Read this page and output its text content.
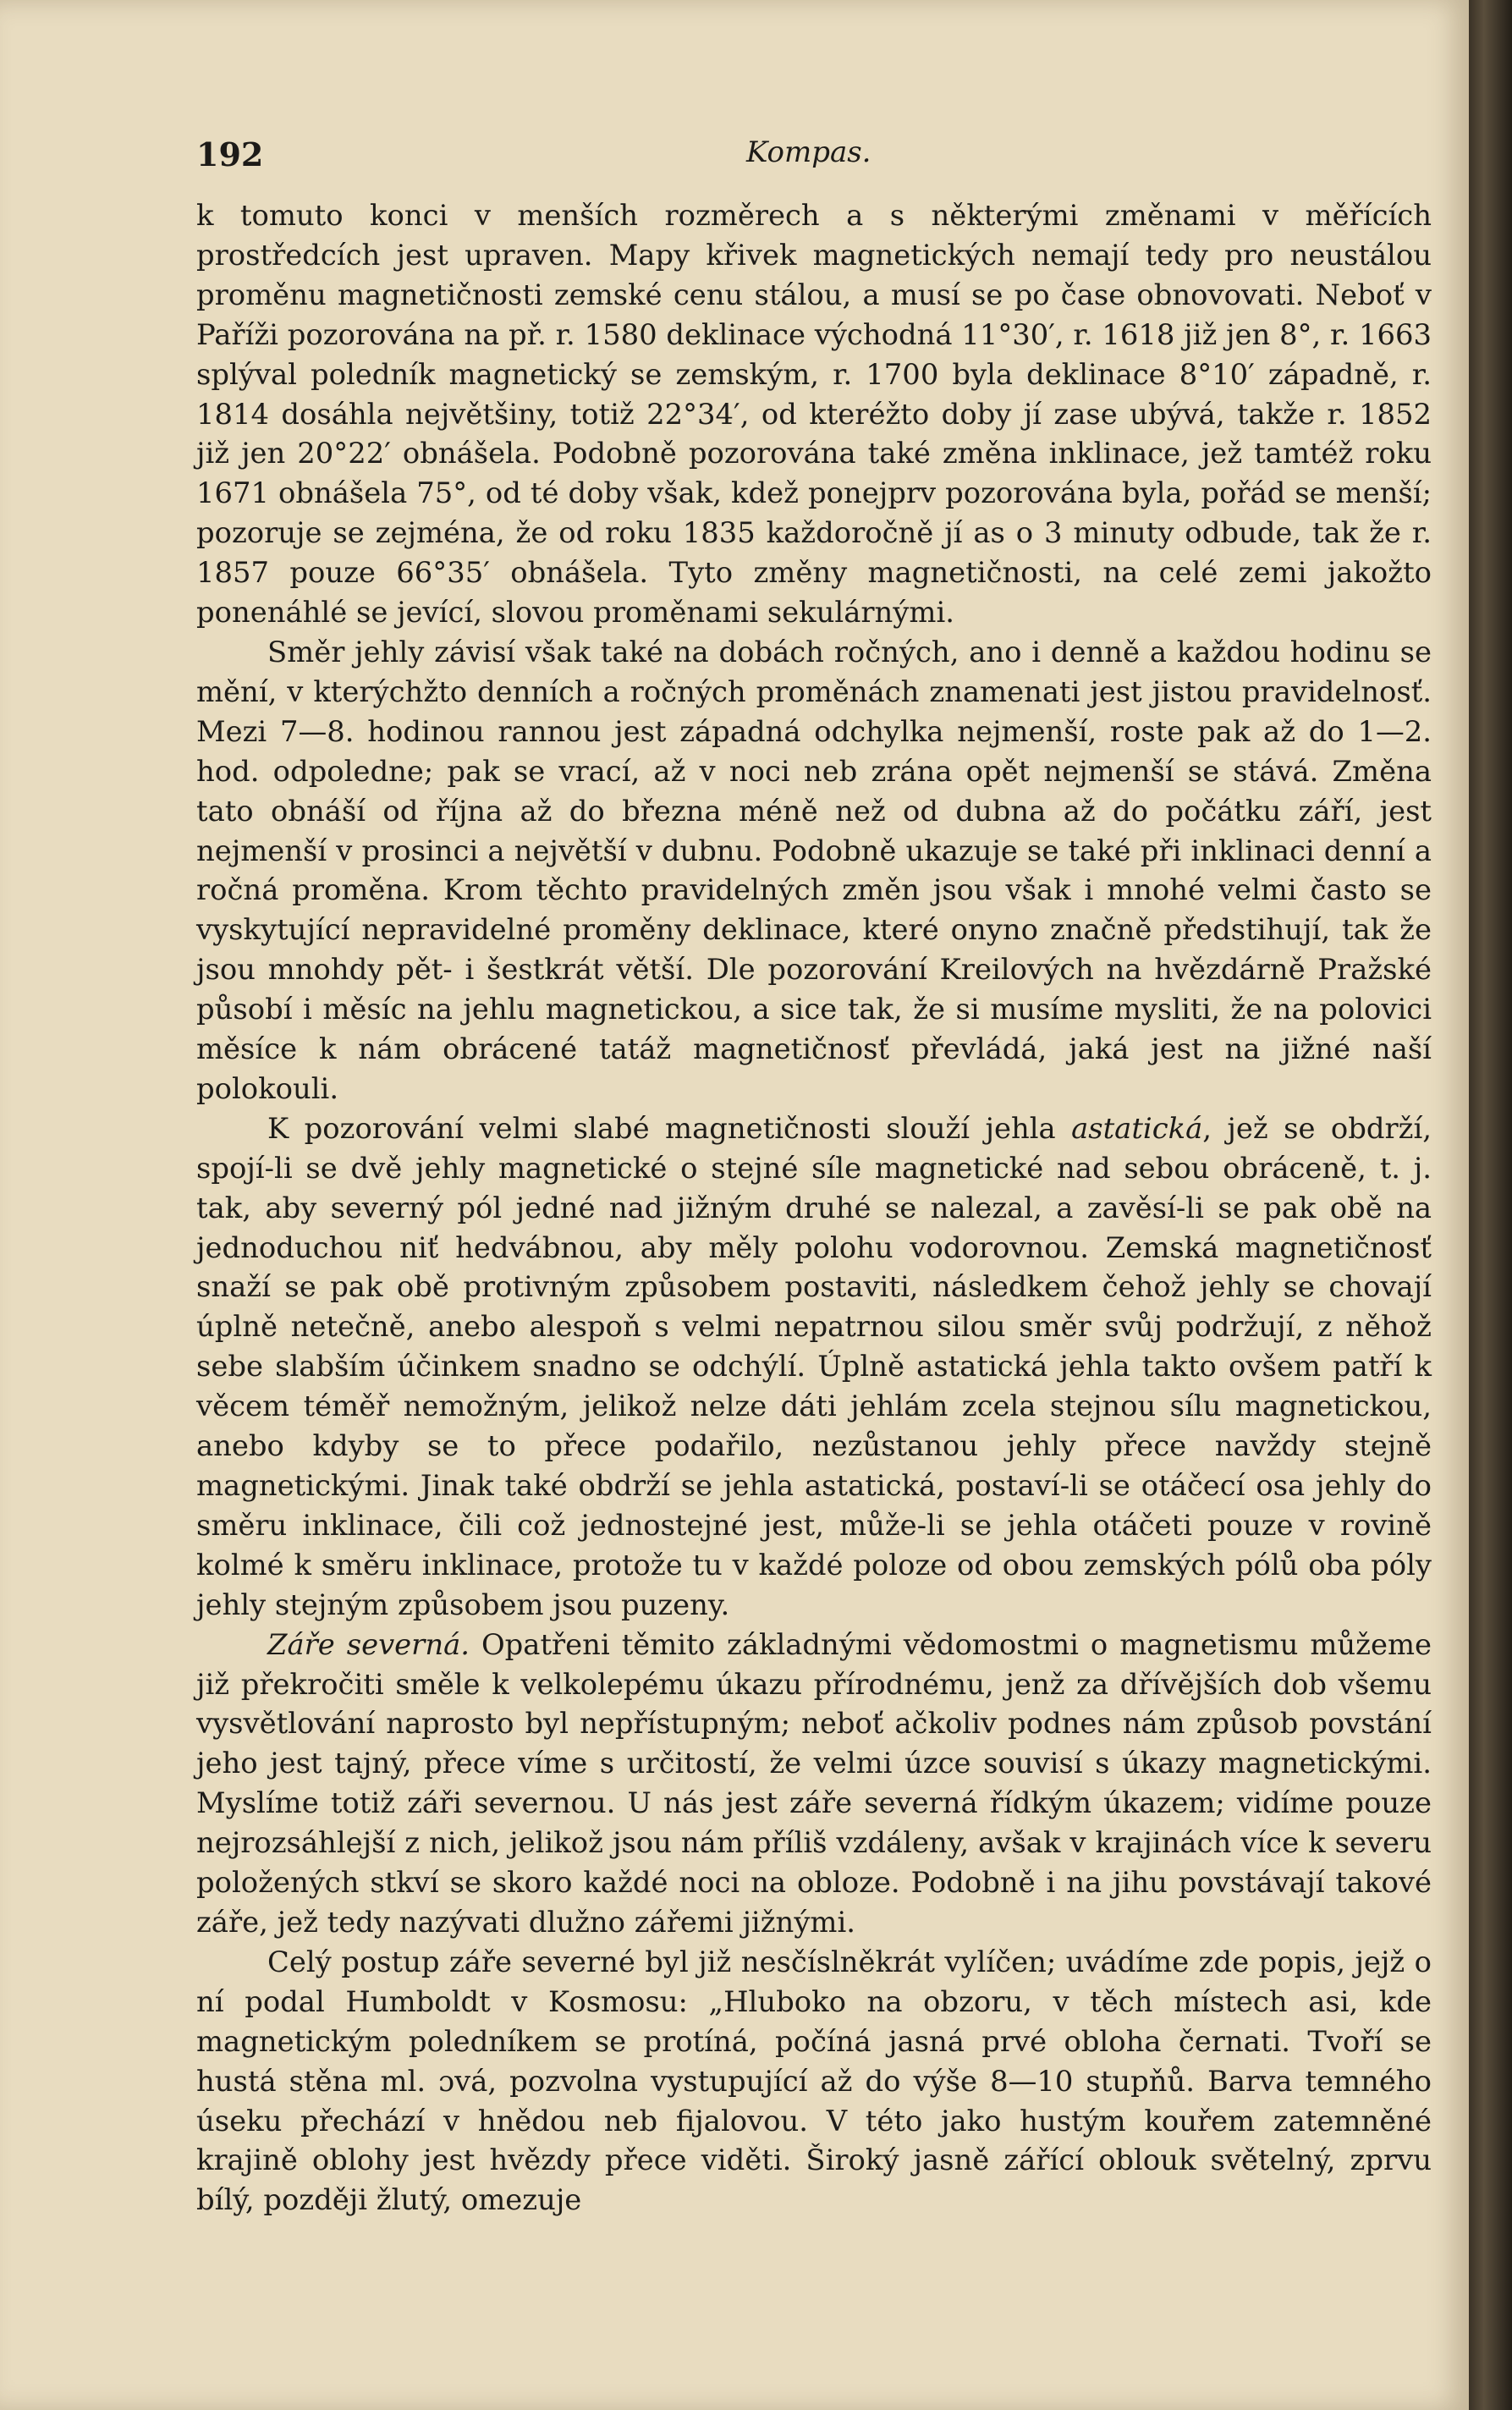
192	Kompas.

k tomuto konci v menších rozměrech a s některými změnami v měřících prostředcích jest upraven. Mapy křivek magnetických nemají tedy pro neustálou proměnu magnetičnosti zemské cenu stálou, a musí se po čase obnovovati. Neboť v Paříži pozorována na př. r. 1580 deklinace východná 11°30′, r. 1618 již jen 8°, r. 1663 splýval poledník magnetický se zemským, r. 1700 byla deklinace 8°10′ západně, r. 1814 dosáhla největšiny, totiž 22°34′, od kteréžto doby jí zase ubývá, takže r. 1852 již jen 20°22′ obnášela. Podobně pozorována také změna inklinace, jež tamtéž roku 1671 obnášela 75°, od té doby však, kdež ponejprv pozorována byla, pořád se menší; pozoruje se zejména, že od roku 1835 každoročně jí as o 3 minuty odbude, tak že r. 1857 pouze 66°35′ obnášela. Tyto změny magnetičnosti, na celé zemi jakožto ponenáhlé se jevící, slovou proměnami sekulárnými.

Směr jehly závisí však také na dobách ročných, ano i denně a každou hodinu se mění, v kterýchžto denních a ročných proměnách znamenati jest jistou pravidelnosť. Mezi 7—8. hodinou rannou jest západná odchylka nejmenší, roste pak až do 1—2. hod. odpoledne; pak se vrací, až v noci neb zrána opět nejmenší se stává. Změna tato obnáší od října až do března méně než od dubna až do počátku září, jest nejmenší v prosinci a největší v dubnu. Podobně ukazuje se také při inklinaci denní a ročná proměna. Krom těchto pravidelných změn jsou však i mnohé velmi často se vyskytující nepravidelné proměny deklinace, které onyno značně předstihují, tak že jsou mnohdy pět- i šestkrát větší. Dle pozorování Kreilových na hvězdárně Pražské působí i měsíc na jehlu magnetickou, a sice tak, že si musíme mysliti, že na polovici měsíce k nám obrácené tatáž magnetičnosť převládá, jaká jest na jižné naší polokouli.

K pozorování velmi slabé magnetičnosti slouží jehla astatická, jež se obdrží, spojí-li se dvě jehly magnetické o stejné síle magnetické nad sebou obráceně, t. j. tak, aby severný pól jedné nad jižným druhé se nalezal, a zavěsí-li se pak obě na jednoduchou niť hedvábnou, aby měly polohu vodorovnou. Zemská magnetičnosť snaží se pak obě protivným způsobem postaviti, následkem čehož jehly se chovají úplně netečně, anebo alespoň s velmi nepatrnou silou směr svůj podržují, z něhož sebe slabším účinkem snadno se odchýlí. Úplně astatická jehla takto ovšem patří k věcem téměř nemožným, jelikož nelze dáti jehlám zcela stejnou sílu magnetickou, anebo kdyby se to přece podařilo, nezůstanou jehly přece navždy stejně magnetickými. Jinak také obdrží se jehla astatická, postaví-li se otáčecí osa jehly do směru inklinace, čili což jednostejné jest, může-li se jehla otáčeti pouze v rovině kolmé k směru inklinace, protože tu v každé poloze od obou zemských pólů oba póly jehly stejným způsobem jsou puzeny.

Záře severná. Opatřeni těmito základnými vědomostmi o magnetismu můžeme již překročiti směle k velkolepému úkazu přírodnému, jenž za dřívějších dob všemu vysvětlování naprosto byl nepřístupným; neboť ačkoliv podnes nám způsob povstání jeho jest tajný, přece víme s určitostí, že velmi úzce souvisí s úkazy magnetickými. Myslíme totiž záři severnou. U nás jest záře severná řídkým úkazem; vidíme pouze nejrozsáhlejší z nich, jelikož jsou nám příliš vzdáleny, avšak v krajinách více k severu položených stkví se skoro každé noci na obloze. Podobně i na jihu povstávají takové záře, jež tedy nazývati dlužno zářemi jižnými.

Celý postup záře severné byl již nesčíslněkrát vylíčen; uvádíme zde popis, jejž o ní podal Humboldt v Kosmosu: „Hluboko na obzoru, v těch místech asi, kde magnetickým poledníkem se protíná, počíná jasná prvé obloha černati. Tvoří se hustá stěna ml. ɔvá, pozvolna vystupující až do výše 8—10 stupňů. Barva temného úseku přechází v hnědou neb fijalovou. V této jako hustým kouřem zatemněné krajině oblohy jest hvězdy přece viděti. Široký jasně zářící oblouk světelný, zprvu bílý, později žlutý, omezuje
